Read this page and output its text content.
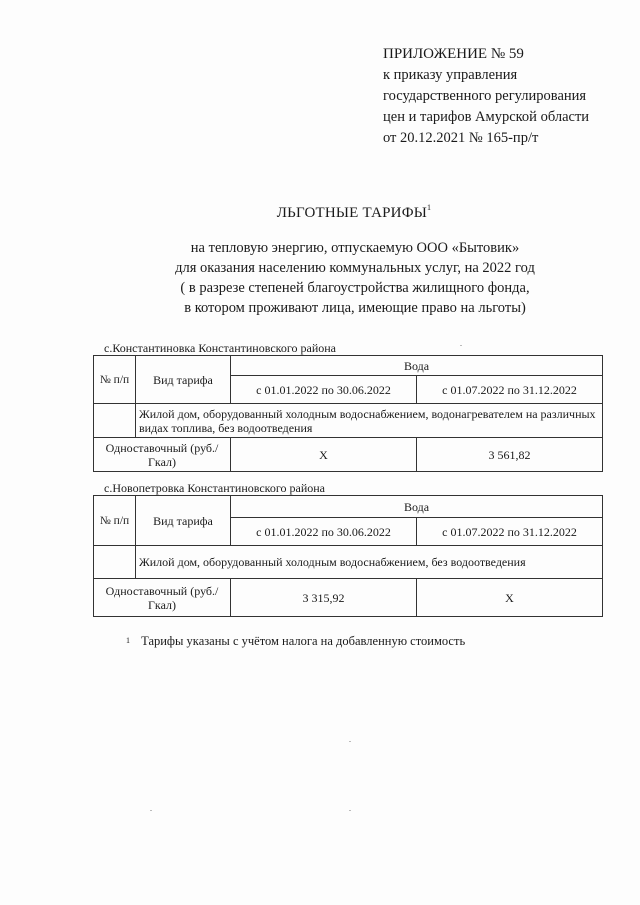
ПРИЛОЖЕНИЕ № 59
к приказу управления
государственного регулирования
цен и тарифов Амурской области
от 20.12.2021 № 165-пр/т
ЛЬГОТНЫЕ ТАРИФЫ$^1$
на тепловую энергию, отпускаемую ООО «Бытовик»
для оказания населению коммунальных услуг, на 2022 год
( в разрезе степеней благоустройства жилищного фонда,
в котором проживают лица, имеющие право на льготы)
с.Константиновка Константиновского района
№ п/п	Вид тарифа	Вода	
		с 01.01.2022 по 30.06.2022	с 01.07.2022 по 31.12.2022
	Жилой дом, оборудованный холодным водоснабжением, водонагревателем на различных видах топлива, без водоотведения		
Одноставочный (руб./Гкал)		X	3 561,82
с.Новопетровка Константиновского района
№ п/п	Вид тарифа	Вода	
		с 01.01.2022 по 30.06.2022	с 01.07.2022 по 31.12.2022
	Жилой дом, оборудованный холодным водоснабжением, без водоотведения		
Одноставочный (руб./Гкал)		3 315,92	X
1 Тарифы указаны с учётом налога на добавленную стоимость
